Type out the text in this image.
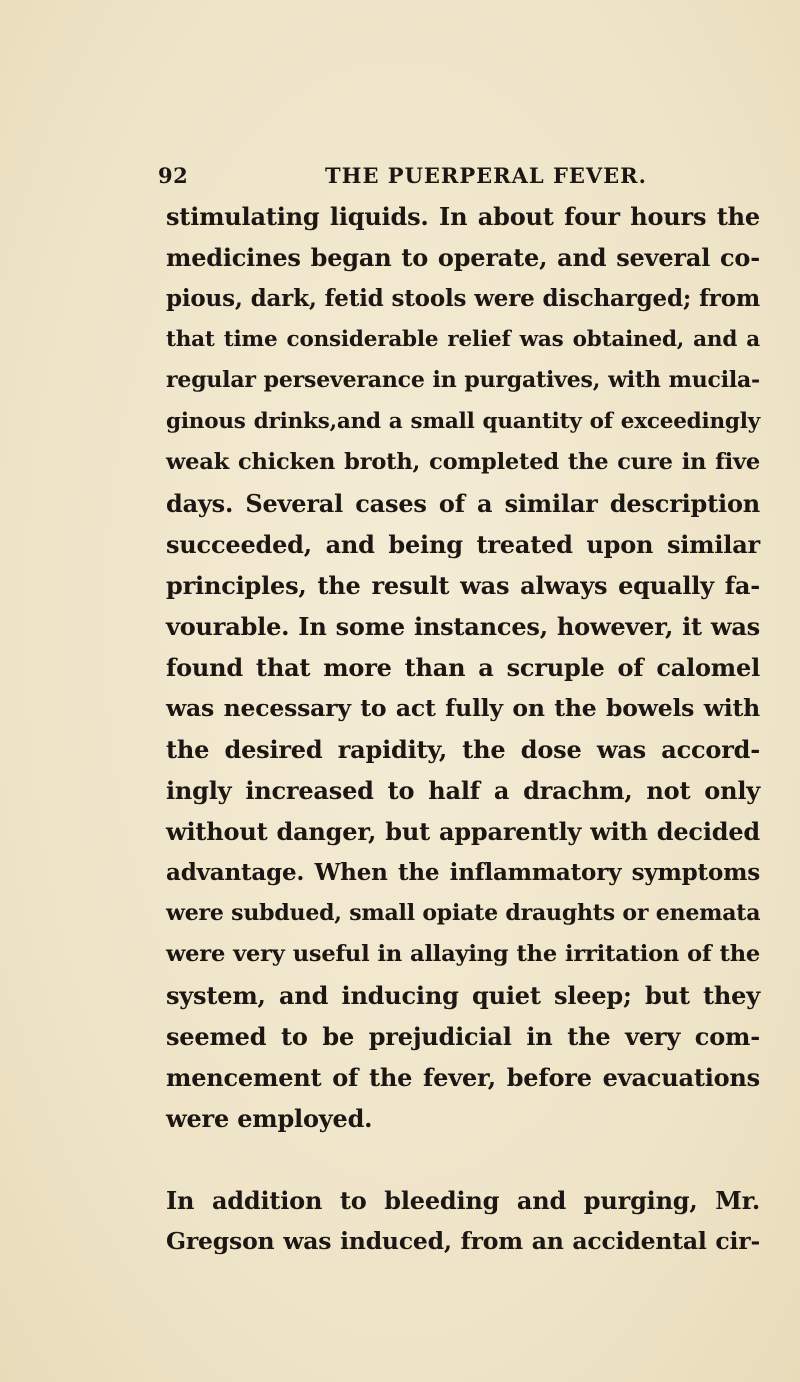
92	THE PUERPERAL FEVER.
stimulating liquids. In about four hours the
medicines began to operate, and several co-
pious, dark, fetid stools were discharged; from
that time considerable relief was obtained, and a
regular perseverance in purgatives, with mucila-
ginous drinks,and a small quantity of exceedingly
weak chicken broth, completed the cure in five
days. Several cases of a similar description
succeeded, and being treated upon similar
principles, the result was always equally fa-
vourable. In some instances, however, it was
found that more than a scruple of calomel
was necessary to act fully on the bowels with
the desired rapidity, the dose was accord-
ingly increased to half a drachm, not only
without danger, but apparently with decided
advantage. When the inflammatory symptoms
were subdued, small opiate draughts or enemata
were very useful in allaying the irritation of the
system, and inducing quiet sleep; but they
seemed to be prejudicial in the very com-
mencement of the fever, before evacuations
were employed.
In addition to bleeding and purging, Mr.
Gregson was induced, from an accidental cir-
